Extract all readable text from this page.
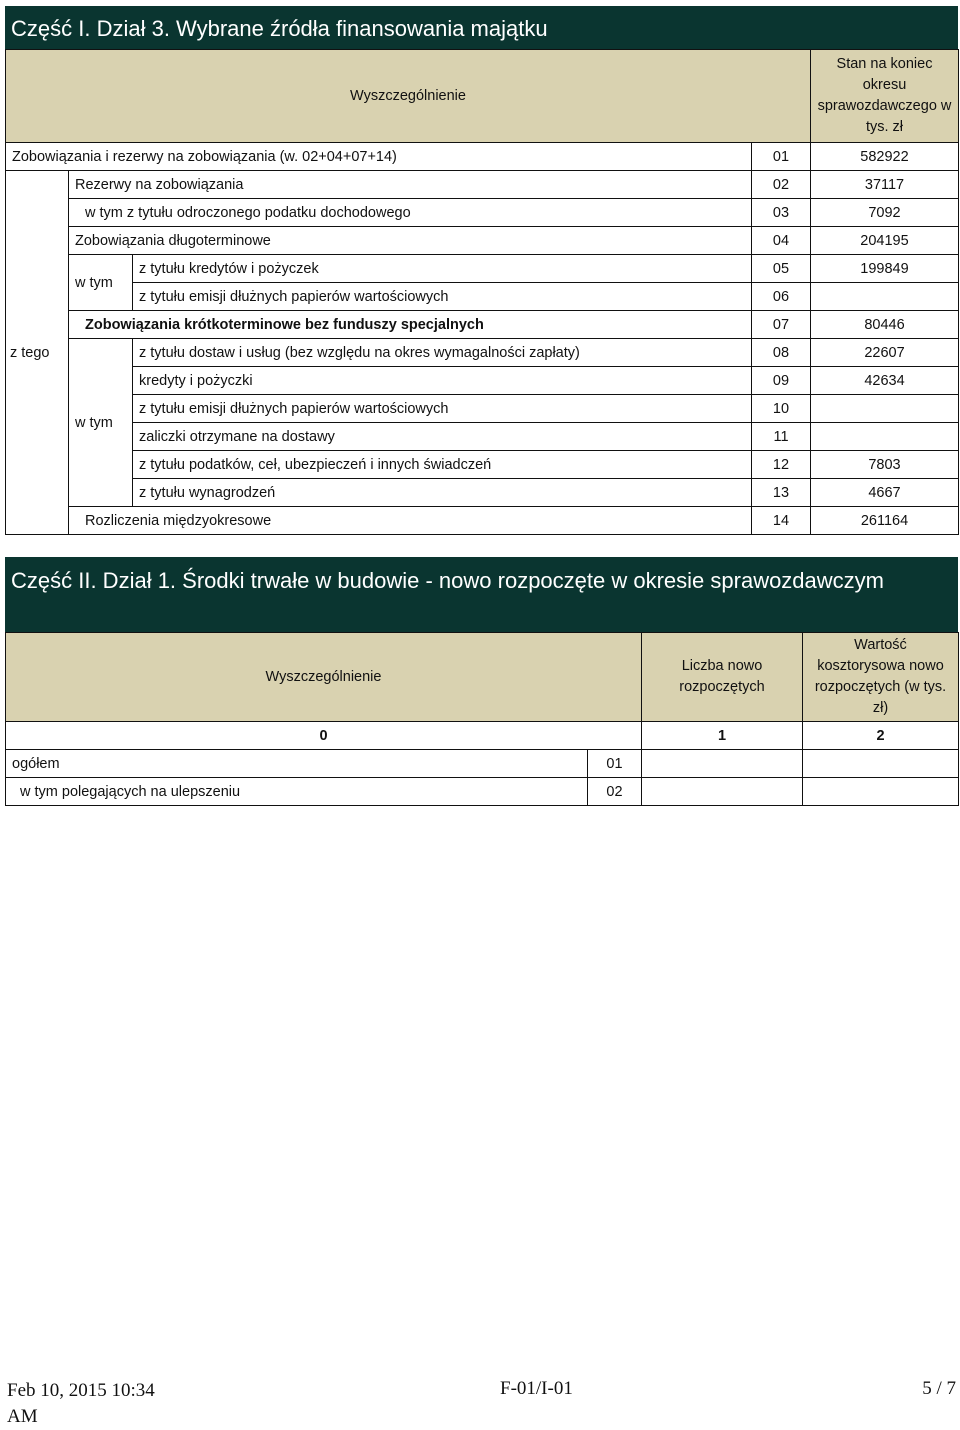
Część I. Dział 3. Wybrane źródła finansowania majątku
Wyszczególnienie				Stan na koniec okresu sprawozdawczego w tys. zł
Zobowiązania i rezerwy na zobowiązania (w. 02+04+07+14)			01	582922
z tego	Rezerwy na zobowiązania		02	37117
	w tym z tytułu odroczonego podatku dochodowego		03	7092
	Zobowiązania długoterminowe		04	204195
	w tym	z tytułu kredytów i pożyczek	05	199849
		z tytułu emisji dłużnych papierów wartościowych	06	
	Zobowiązania krótkoterminowe bez funduszy specjalnych		07	80446
	w tym	z tytułu dostaw i usług (bez względu na okres wymagalności zapłaty)	08	22607
		kredyty i pożyczki	09	42634
		z tytułu emisji dłużnych papierów wartościowych	10	
		zaliczki otrzymane na dostawy	11	
		z tytułu podatków, ceł, ubezpieczeń i innych świadczeń	12	7803
		z tytułu wynagrodzeń	13	4667
	Rozliczenia międzyokresowe		14	261164
Część II. Dział 1. Środki trwałe w budowie - nowo rozpoczęte w okresie sprawozdawczym
Wyszczególnienie		Liczba nowo rozpoczętych	Wartość kosztorysowa nowo rozpoczętych (w tys. zł)
0		1	2
ogółem	01		
w tym polegających na ulepszeniu	02		
Feb 10, 2015 10:34 AM
F-01/I-01	5 / 7
